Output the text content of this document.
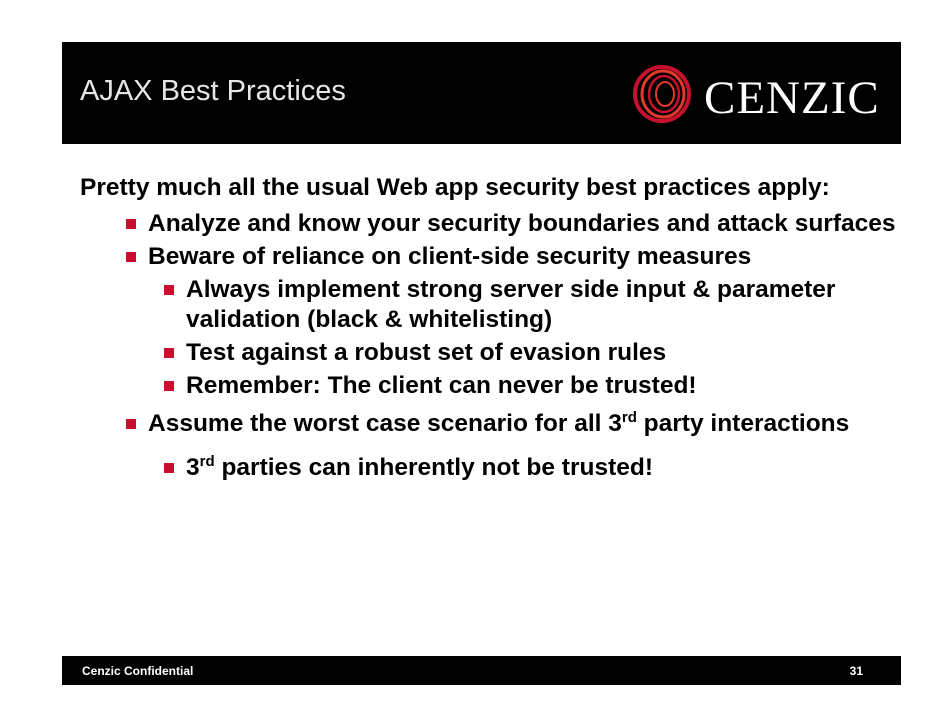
AJAX Best Practices	CENZIC

Pretty much all the usual Web app security best practices apply:

Analyze and know your security boundaries and attack surfaces
Beware of reliance on client-side security measures
Always implement strong server side input & parameter validation (black & whitelisting)
Test against a robust set of evasion rules
Remember: The client can never be trusted!
Assume the worst case scenario for all 3rd party interactions
3rd parties can inherently not be trusted!
Cenzic Confidential	31
